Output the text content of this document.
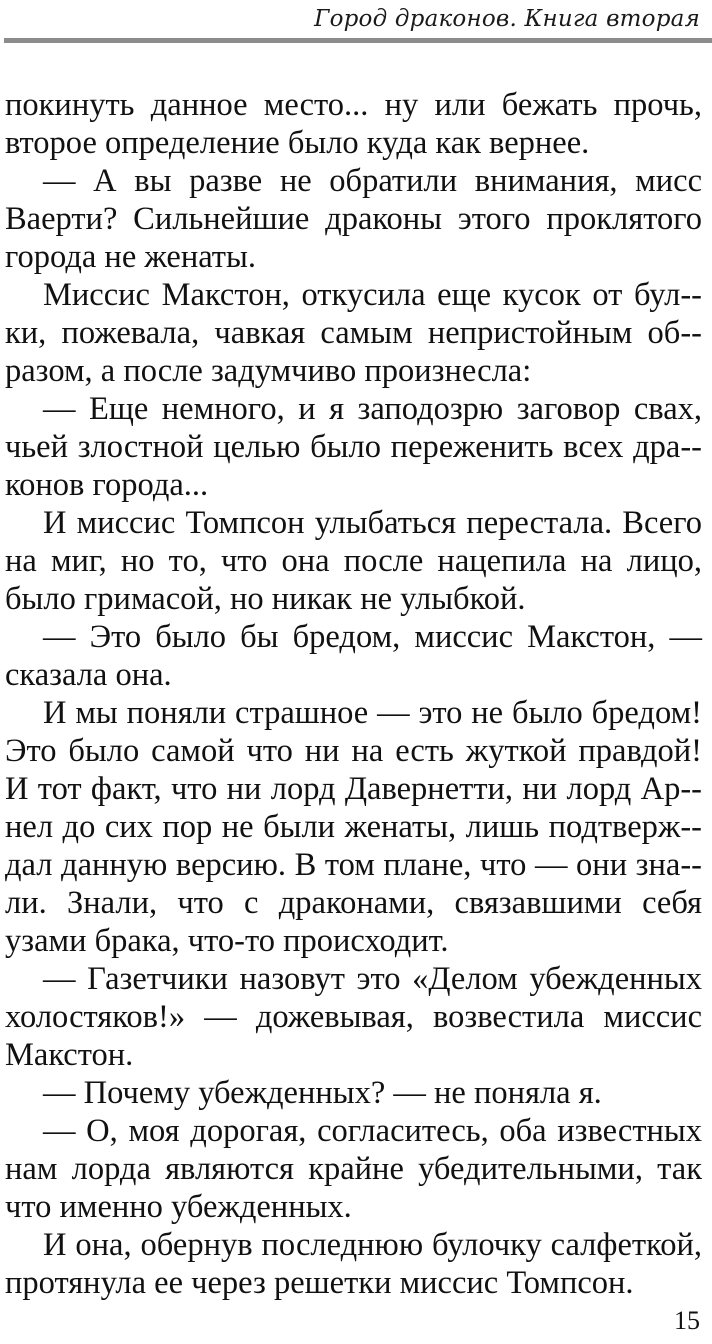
Город драконов. Книга вторая

покинуть данное место... ну или бежать прочь, второе определение было куда как вернее.

— А вы разве не обратили внимания, мисс Ваерти? Сильнейшие драконы этого проклятого города не женаты.

Миссис Макстон, откусила еще кусок от бул-ки, пожевала, чавкая самым непристойным об-разом, а после задумчиво произнесла:

— Еще немного, и я заподозрю заговор свах, чьей злостной целью было переженить всех дра-конов города...

И миссис Томпсон улыбаться перестала. Всего на миг, но то, что она после нацепила на лицо, было гримасой, но никак не улыбкой.

— Это было бы бредом, миссис Макстон, — сказала она.

И мы поняли страшное — это не было бредом! Это было самой что ни на есть жуткой правдой! И тот факт, что ни лорд Давернетти, ни лорд Ар-нел до сих пор не были женаты, лишь подтверж-дал данную версию. В том плане, что — они зна-ли. Знали, что с драконами, связавшими себя узами брака, что-то происходит.

— Газетчики назовут это «Делом убежденных холостяков!» — дожевывая, возвестила миссис Макстон.

— Почему убежденных? — не поняла я.

— О, моя дорогая, согласитесь, оба известных нам лорда являются крайне убедительными, так что именно убежденных.

И она, обернув последнюю булочку салфеткой, протянула ее через решетки миссис Томпсон.

15
